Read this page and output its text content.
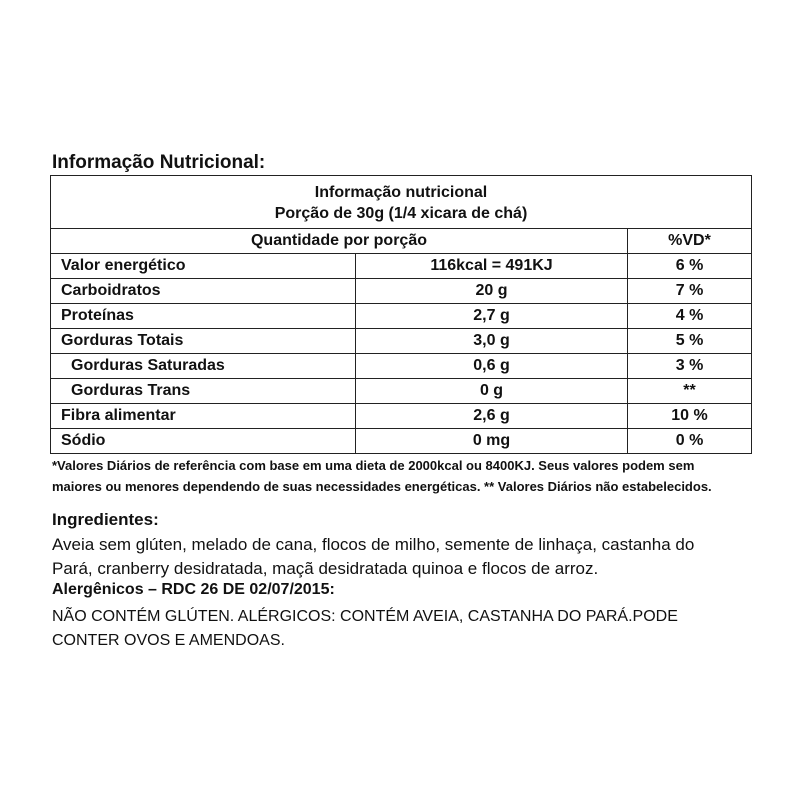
Informação Nutricional:
Informação nutricional
Porção de 30g (1/4 xicara de chá)		

Quantidade por porção		%VD*
Valor energético	116kcal = 491KJ	6 %
Carboidratos	20 g	7 %
Proteínas	2,7 g	4 %
Gorduras Totais	3,0 g	5 %
Gorduras Saturadas	0,6 g	3 %
Gorduras Trans	0 g	**
Fibra alimentar	2,6 g	10 %
Sódio	0 mg	0 %
*Valores Diários de referência com base em uma dieta de 2000kcal ou 8400KJ. Seus valores podem sem
maiores ou menores dependendo de suas necessidades energéticas. ** Valores Diários não estabelecidos.
Ingredientes:
Aveia sem glúten, melado de cana, flocos de milho, semente de linhaça, castanha do
Pará, cranberry desidratada, maçã desidratada quinoa e flocos de arroz.
Alergênicos – RDC 26 DE 02/07/2015:
NÃO CONTÉM GLÚTEN. ALÉRGICOS: CONTÉM AVEIA, CASTANHA DO PARÁ.PODE
CONTER OVOS E AMENDOAS.
